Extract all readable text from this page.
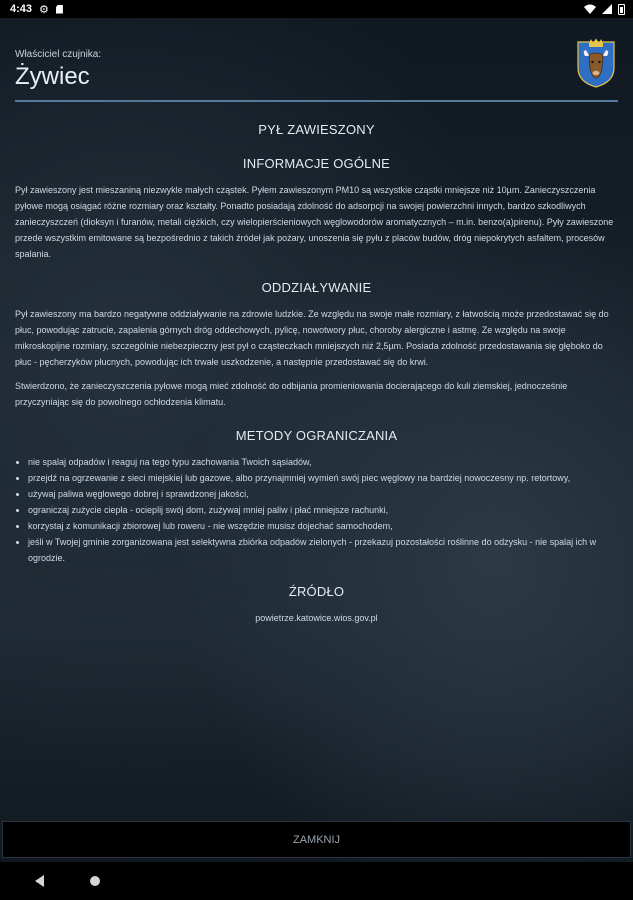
4:43 ⚙
Właściciel czujnika:
Żywiec
PYŁ ZAWIESZONY
INFORMACJE OGÓLNE

Pył zawieszony jest mieszaniną niezwykle małych cząstek. Pyłem zawieszonym PM10 są wszystkie cząstki mniejsze niż 10µm. Zanieczyszczenia pyłowe mogą osiągać różne rozmiary oraz kształty. Ponadto posiadają zdolność do adsorpcji na swojej powierzchni innych, bardzo szkodliwych zanieczyszczeń (dioksyn i furanów, metali ciężkich, czy wielopierścieniowych węglowodorów aromatycznych – m.in. benzo(a)pirenu). Pyły zawieszone przede wszystkim emitowane są bezpośrednio z takich źródeł jak pożary, unoszenia się pyłu z placów budów, dróg niepokrytych asfaltem, procesów spalania.

ODDZIAŁYWANIE

Pył zawieszony ma bardzo negatywne oddziaływanie na zdrowie ludzkie. Ze względu na swoje małe rozmiary, z łatwością może przedostawać się do płuc, powodując zatrucie, zapalenia górnych dróg oddechowych, pylicę, nowotwory płuc, choroby alergiczne i astmę. Ze względu na swoje mikroskopijne rozmiary, szczególnie niebezpieczny jest pył o cząsteczkach mniejszych niż 2,5µm. Posiada zdolność przedostawania się głęboko do płuc - pęcherzyków płucnych, powodując ich trwałe uszkodzenie, a następnie przedostawać się do krwi.

Stwierdzono, że zanieczyszczenia pyłowe mogą mieć zdolność do odbijania promieniowania docierającego do kuli ziemskiej, jednocześnie przyczyniając się do powolnego ochłodzenia klimatu.

METODY OGRANICZANIA
• nie spalaj odpadów i reaguj na tego typu zachowania Twoich sąsiadów,
• przejdź na ogrzewanie z sieci miejskiej lub gazowe, albo przynajmniej wymień swój piec węglowy na bardziej nowoczesny np. retortowy,
• używaj paliwa węglowego dobrej i sprawdzonej jakości,
• ograniczaj zużycie ciepła - ocieplij swój dom, zużywaj mniej paliw i płać mniejsze rachunki,
• korzystaj z komunikacji zbiorowej lub roweru - nie wszędzie musisz dojechać samochodem,
• jeśli w Twojej gminie zorganizowana jest selektywna zbiórka odpadów zielonych - przekazuj pozostałości roślinne do odzysku - nie spalaj ich w ogrodzie.
ŹRÓDŁO
powietrze.katowice.wios.gov.pl
ZAMKNIJ
